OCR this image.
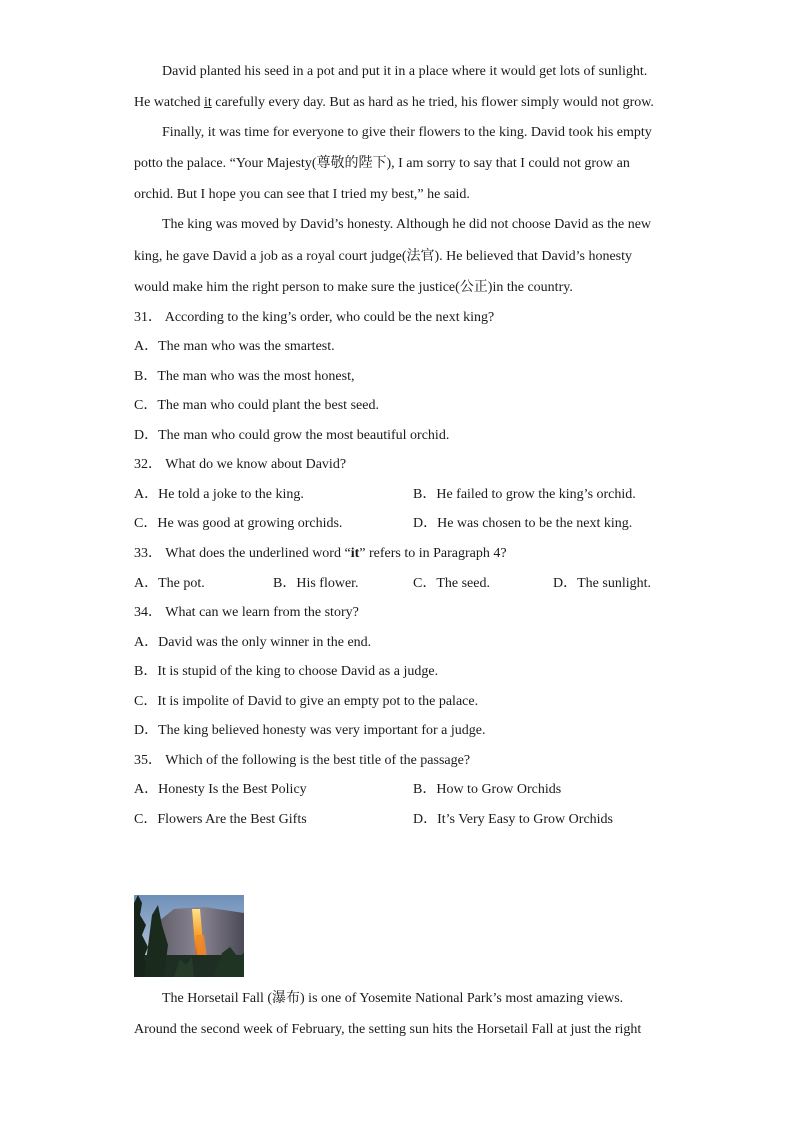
David planted his seed in a pot and put it in a place where it would get lots of sunlight.
He watched it carefully every day. But as hard as he tried, his flower simply would not grow.
Finally, it was time for everyone to give their flowers to the king. David took his empty
potto the palace. “Your Majesty(尊敬的陛下), I am sorry to say that I could not grow an
orchid. But I hope you can see that I tried my best,” he said.
The king was moved by David’s honesty. Although he did not choose David as the new
king, he gave David a job as a royal court judge(法官). He believed that David’s honesty
would make him the right person to make sure the justice(公正)in the country.
31． According to the king’s order, who could be the next king?
A．The man who was the smartest.
B．The man who was the most honest,
C．The man who could plant the best seed.
D．The man who could grow the most beautiful orchid.
32． What do we know about David?
A．He told a joke to the king.	B．He failed to grow the king’s orchid.
C．He was good at growing orchids.	D．He was chosen to be the next king.
33． What does the underlined word “it” refers to in Paragraph 4?
A．The pot.	B．His flower.	C．The seed.	D．The sunlight.
34． What can we learn from the story?
A．David was the only winner in the end.
B．It is stupid of the king to choose David as a judge.
C．It is impolite of David to give an empty pot to the palace.
D．The king believed honesty was very important for a judge.
35． Which of the following is the best title of the passage?
A．Honesty Is the Best Policy	B．How to Grow Orchids
C．Flowers Are the Best Gifts	D．It’s Very Easy to Grow Orchids
The Horsetail Fall (瀑布) is one of Yosemite National Park’s most amazing views.
Around the second week of February, the setting sun hits the Horsetail Fall at just the right
